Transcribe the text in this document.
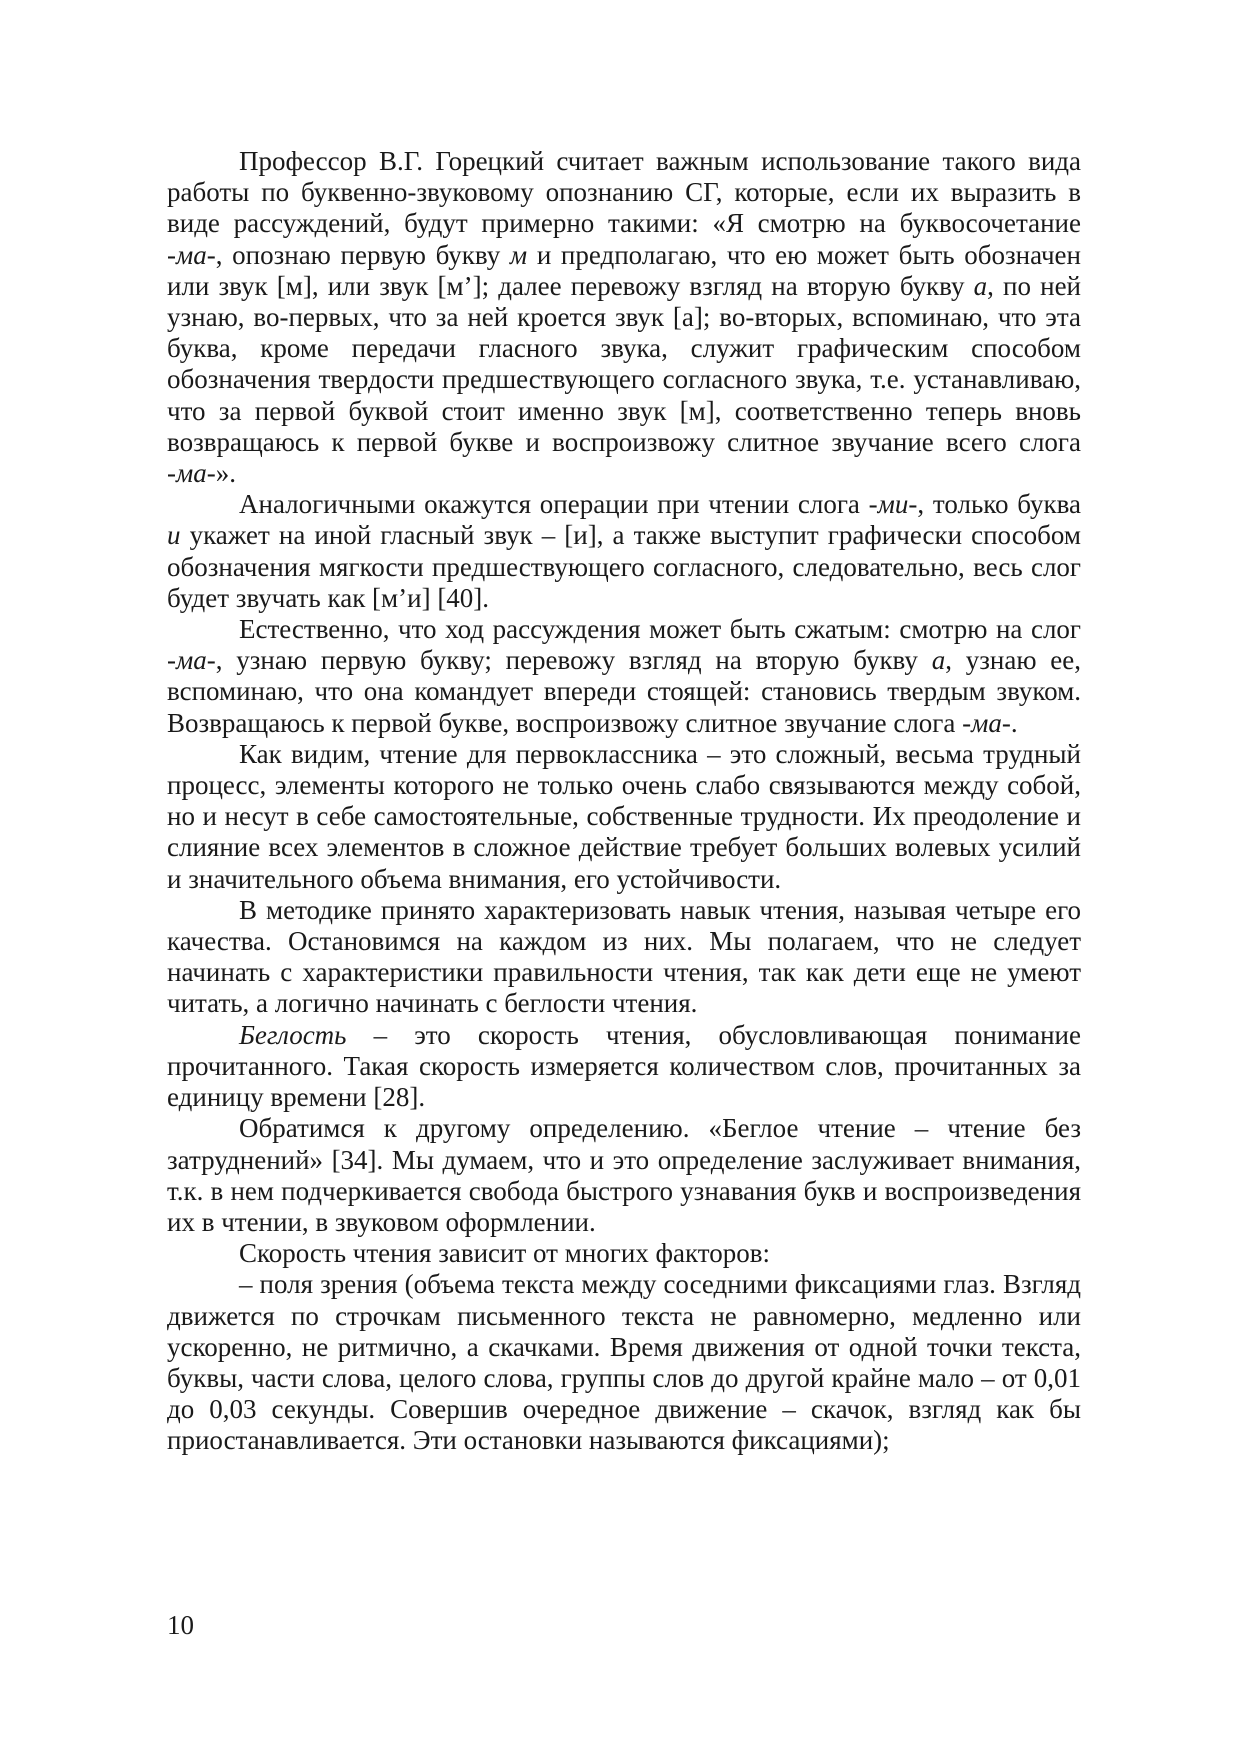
Профессор В.Г. Горецкий считает важным использование такого вида работы по буквенно-звуковому опознанию СГ, которые, если их выразить в виде рассуждений, будут примерно такими: «Я смотрю на буквосочетание -ма-, опознаю первую букву м и предполагаю, что ею может быть обозначен или звук [м], или звук [м’]; далее перевожу взгляд на вторую букву а, по ней узнаю, во-первых, что за ней кроется звук [а]; во-вторых, вспоминаю, что эта буква, кроме передачи гласного звука, служит графическим способом обозначения твердости предшествующего согласного звука, т.е. устанавливаю, что за первой буквой стоит именно звук [м], соответственно теперь вновь возвращаюсь к первой букве и воспроизвожу слитное звучание всего слога -ма-».

Аналогичными окажутся операции при чтении слога -ми-, только буква и укажет на иной гласный звук – [и], а также выступит графически способом обозначения мягкости предшествующего согласного, следовательно, весь слог будет звучать как [м’и] [40].

Естественно, что ход рассуждения может быть сжатым: смотрю на слог -ма-, узнаю первую букву; перевожу взгляд на вторую букву а, узнаю ее, вспоминаю, что она командует впереди стоящей: становись твердым звуком. Возвращаюсь к первой букве, воспроизвожу слитное звучание слога -ма-.

Как видим, чтение для первоклассника – это сложный, весьма трудный процесс, элементы которого не только очень слабо связываются между собой, но и несут в себе самостоятельные, собственные трудности. Их преодоление и слияние всех элементов в сложное действие требует больших волевых усилий и значительного объема внимания, его устойчивости.

В методике принято характеризовать навык чтения, называя четыре его качества. Остановимся на каждом из них. Мы полагаем, что не следует начинать с характеристики правильности чтения, так как дети еще не умеют читать, а логично начинать с беглости чтения.

Беглость – это скорость чтения, обусловливающая понимание прочитанного. Такая скорость измеряется количеством слов, прочитанных за единицу времени [28].

Обратимся к другому определению. «Беглое чтение – чтение без затруднений» [34]. Мы думаем, что и это определение заслуживает внимания, т.к. в нем подчеркивается свобода быстрого узнавания букв и воспроизведения их в чтении, в звуковом оформлении.

Скорость чтения зависит от многих факторов:

– поля зрения (объема текста между соседними фиксациями глаз. Взгляд движется по строчкам письменного текста не равномерно, медленно или ускоренно, не ритмично, а скачками. Время движения от одной точки текста, буквы, части слова, целого слова, группы слов до другой крайне мало – от 0,01 до 0,03 секунды. Совершив очередное движение – скачок, взгляд как бы приостанавливается. Эти остановки называются фиксациями);

10
